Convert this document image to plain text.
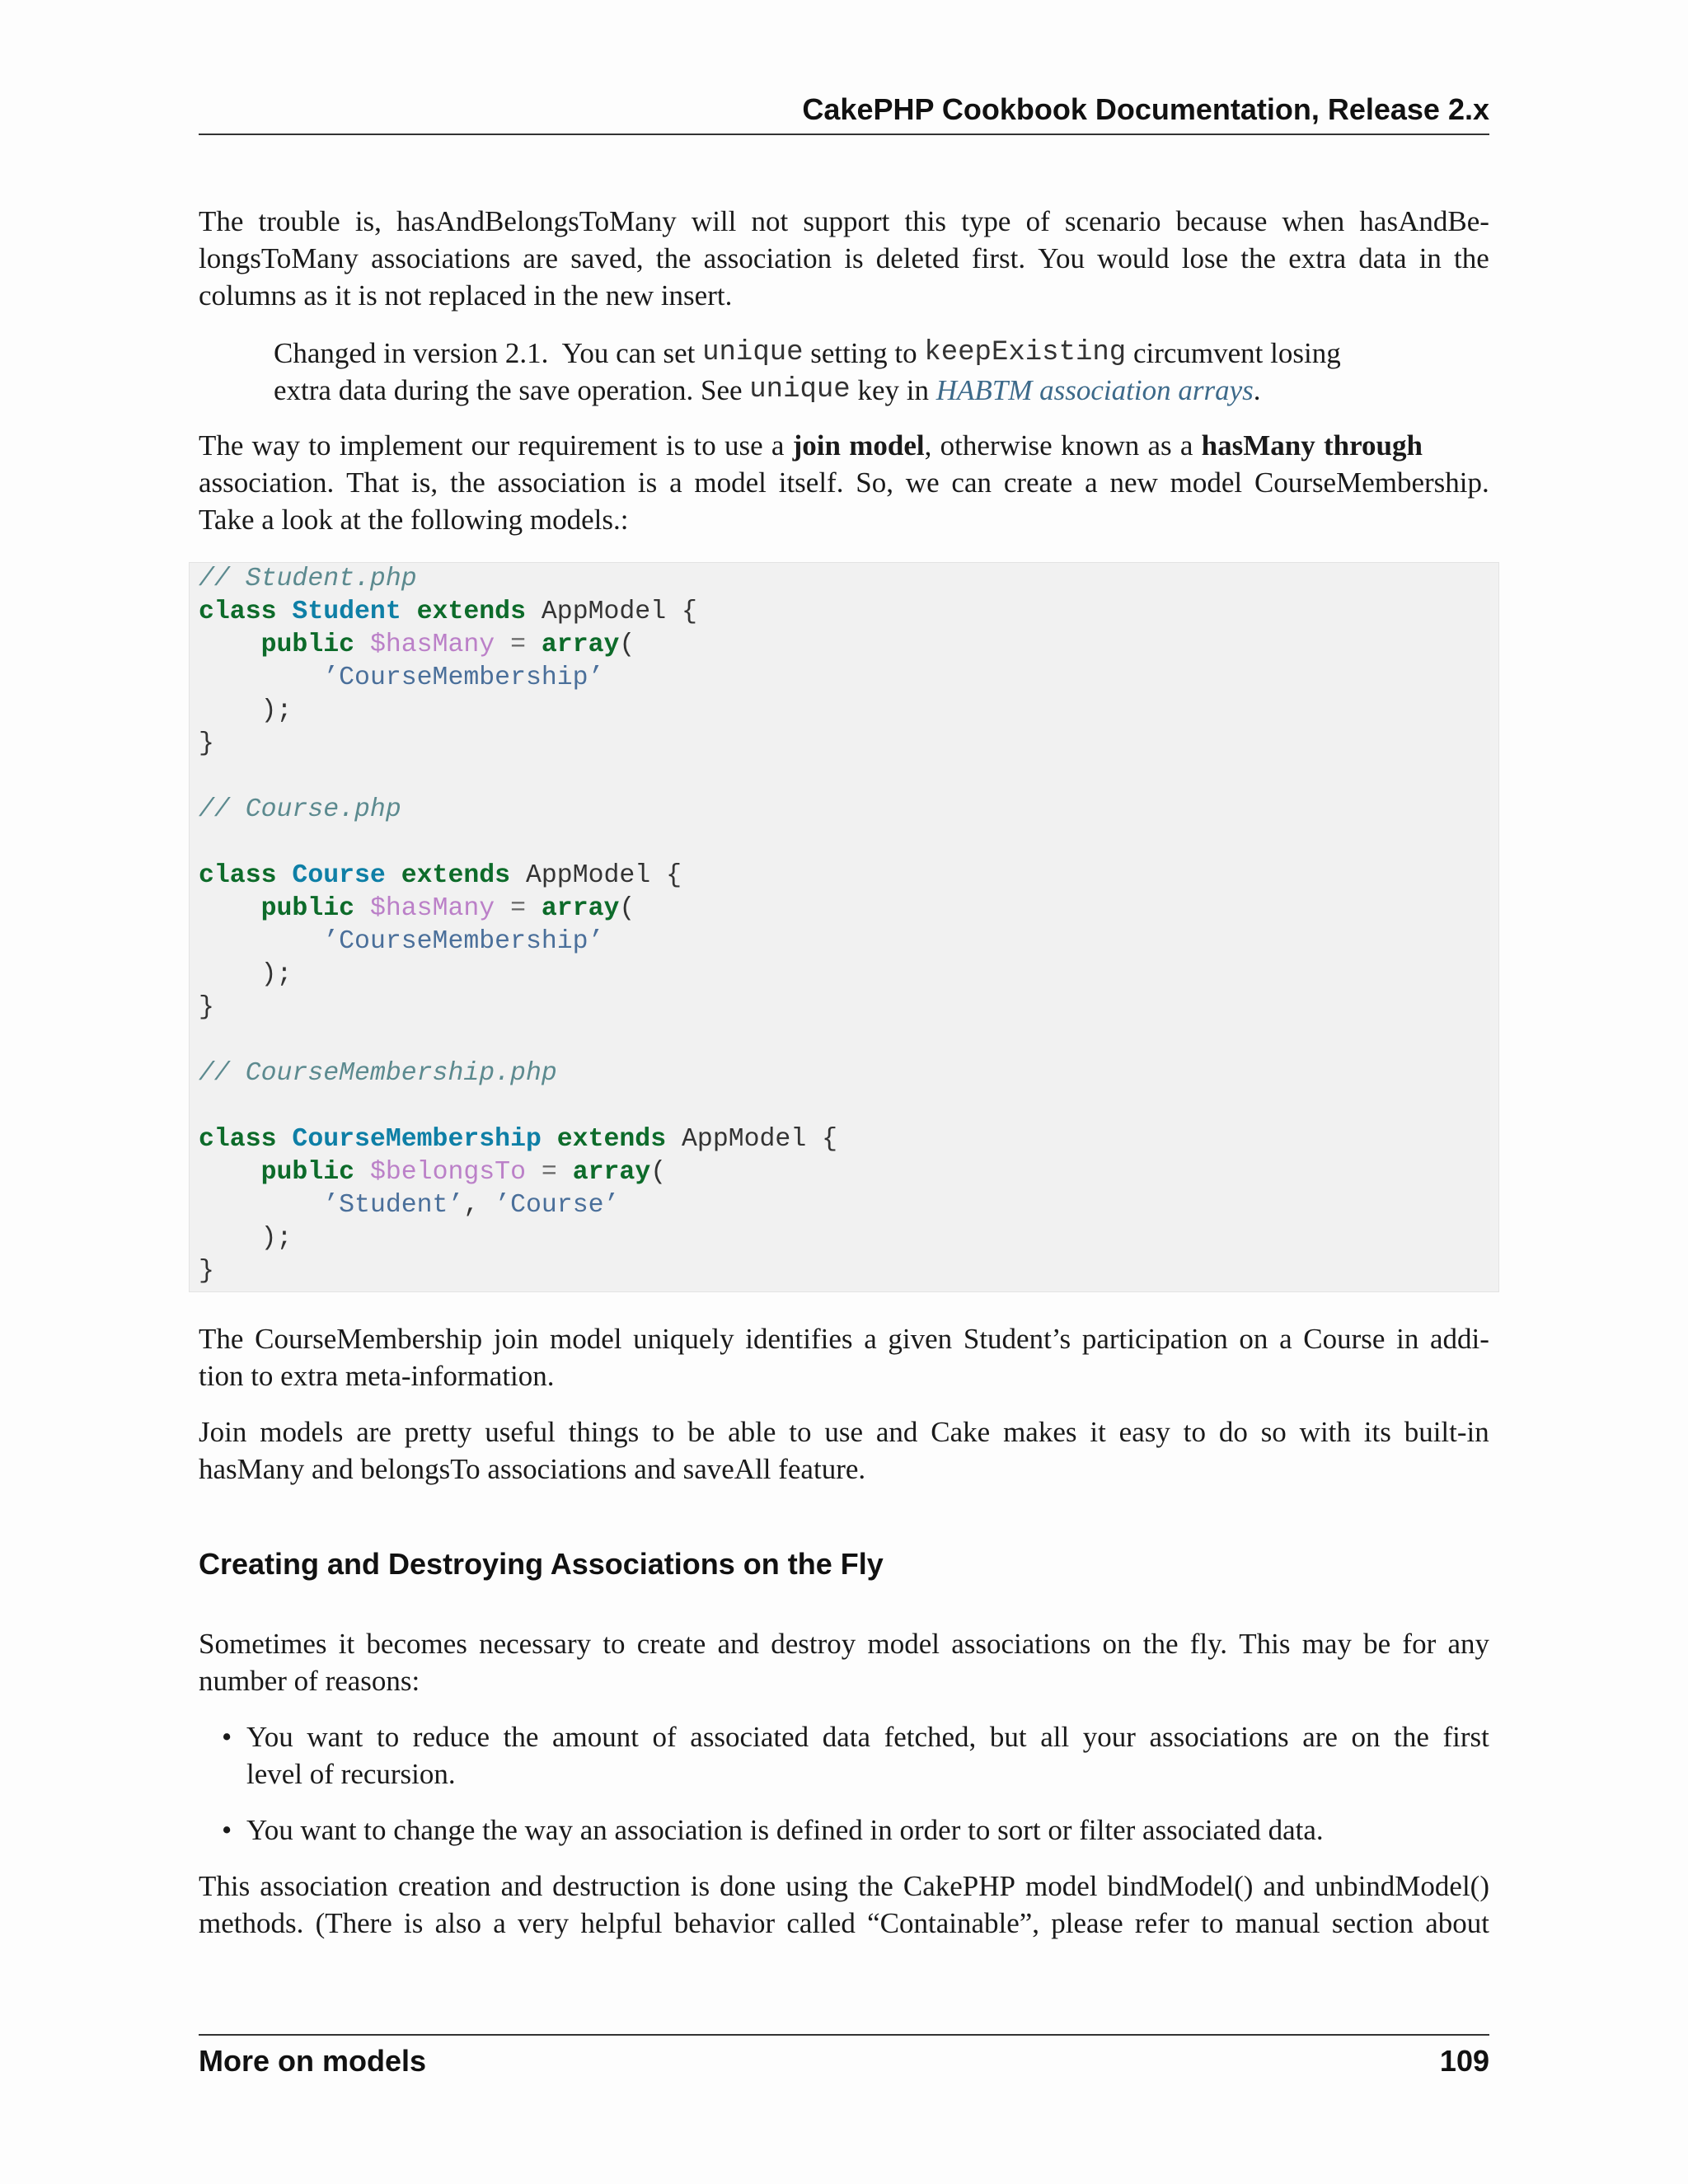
CakePHP Cookbook Documentation, Release 2.x
The trouble is, hasAndBelongsToMany will not support this type of scenario because when hasAndBe-
longsToMany associations are saved, the association is deleted first. You would lose the extra data in the
columns as it is not replaced in the new insert.
Changed in version 2.1.  You can set unique setting to keepExisting circumvent losing
extra data during the save operation. See unique key in HABTM association arrays .
The way to implement our requirement is to use a join model , otherwise known as a hasMany through
association. That is, the association is a model itself. So, we can create a new model CourseMembership.
Take a look at the following models.:
// Student.php
class Student extends AppModel {
public $hasMany = array(
’CourseMembership’
);
}

// Course.php

class Course extends AppModel {
public $hasMany = array(
’CourseMembership’
);
}

// CourseMembership.php

class CourseMembership extends AppModel {
public $belongsTo = array(
’Student’, ’Course’
);
}
The CourseMembership join model uniquely identifies a given Student’s participation on a Course in addi-
tion to extra meta-information.
Join models are pretty useful things to be able to use and Cake makes it easy to do so with its built-in
hasMany and belongsTo associations and saveAll feature.
Creating and Destroying Associations on the Fly
Sometimes it becomes necessary to create and destroy model associations on the fly. This may be for any
number of reasons:
• You want to reduce the amount of associated data fetched, but all your associations are on the first
level of recursion.
• You want to change the way an association is defined in order to sort or filter associated data.
This association creation and destruction is done using the CakePHP model bindModel() and unbindModel()
methods. (There is also a very helpful behavior called “Containable”, please refer to manual section about
More on models	109
